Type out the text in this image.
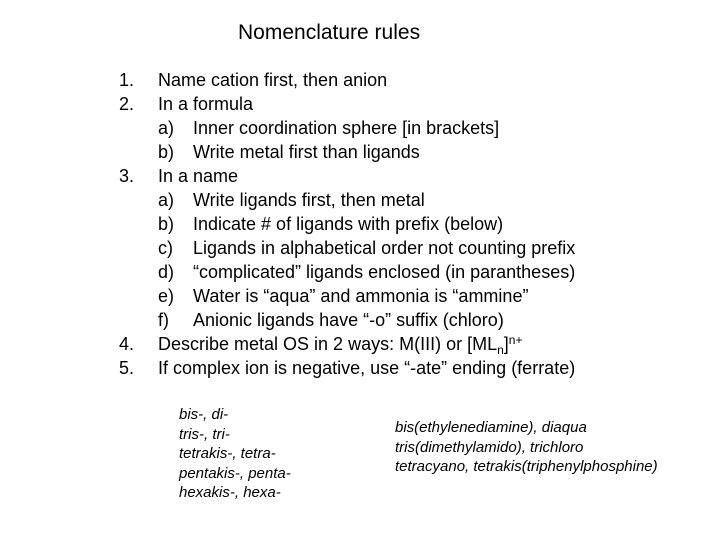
Nomenclature rules
1.	Name cation first, then anion
2.	In a formula
a) Inner coordination sphere [in brackets]
b) Write metal first than ligands
3.	In a name
a) Write ligands first, then metal
b) Indicate # of ligands with prefix (below)
c) Ligands in alphabetical order not counting prefix
d) “complicated” ligands enclosed (in parantheses)
e) Water is “aqua” and ammonia is “ammine”
f) Anionic ligands have “-o” suffix (chloro)
4.	Describe metal OS in 2 ways: M(III) or $[ML_n]^{n+}$
5.	If complex ion is negative, use “-ate” ending (ferrate)
bis-, di-
tris-, tri-
tetrakis-, tetra-
pentakis-, penta-
hexakis-, hexa-
bis(ethylenediamine), diaqua
tris(dimethylamido), trichloro
tetracyano, tetrakis(triphenylphosphine)
